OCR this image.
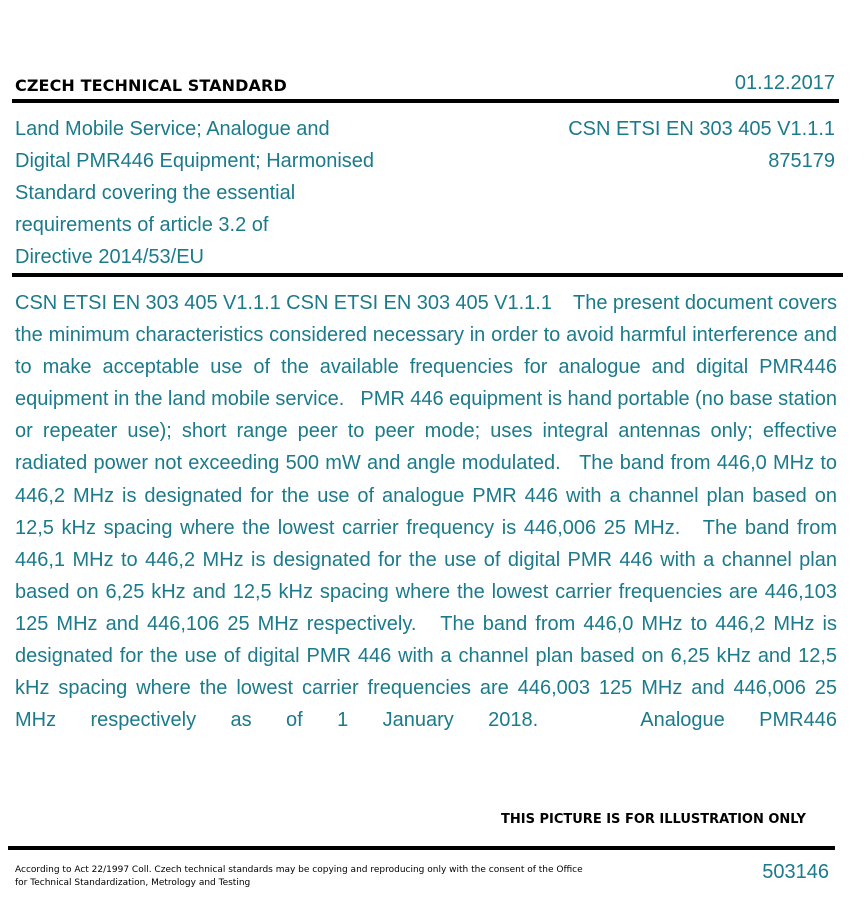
CZECH TECHNICAL STANDARD	01.12.2017
Land Mobile Service; Analogue and
Digital PMR446 Equipment; Harmonised
Standard covering the essential
requirements of article 3.2 of
Directive 2014/53/EU
CSN ETSI EN 303 405 V1.1.1
875179

CSN ETSI EN 303 405 V1.1.1 CSN ETSI EN 303 405 V1.1.1    The present document covers the minimum characteristics considered necessary in order to avoid harmful interference and to make acceptable use of the available frequencies for analogue and digital PMR446 equipment in the land mobile service.   PMR 446 equipment is hand portable (no base station or repeater use); short range peer to peer mode; uses integral antennas only; effective radiated power not exceeding 500 mW and angle modulated.   The band from 446,0 MHz to 446,2 MHz is designated for the use of analogue PMR 446 with a channel plan based on 12,5 kHz spacing where the lowest carrier frequency is 446,006 25 MHz.   The band from 446,1 MHz to 446,2 MHz is designated for the use of digital PMR 446 with a channel plan based on 6,25 kHz and 12,5 kHz spacing where the lowest carrier frequencies are 446,103 125 MHz and 446,106 25 MHz respectively.   The band from 446,0 MHz to 446,2 MHz is designated for the use of digital PMR 446 with a channel plan based on 6,25 kHz and 12,5 kHz spacing where the lowest carrier frequencies are 446,003 125 MHz and 446,006 25 MHz respectively as of 1 January 2018.   Analogue PMR446

THIS PICTURE IS FOR ILLUSTRATION ONLY
According to Act 22/1997 Coll. Czech technical standards may be copying and reproducing only with the consent of the Office
for Technical Standardization, Metrology and Testing	503146
